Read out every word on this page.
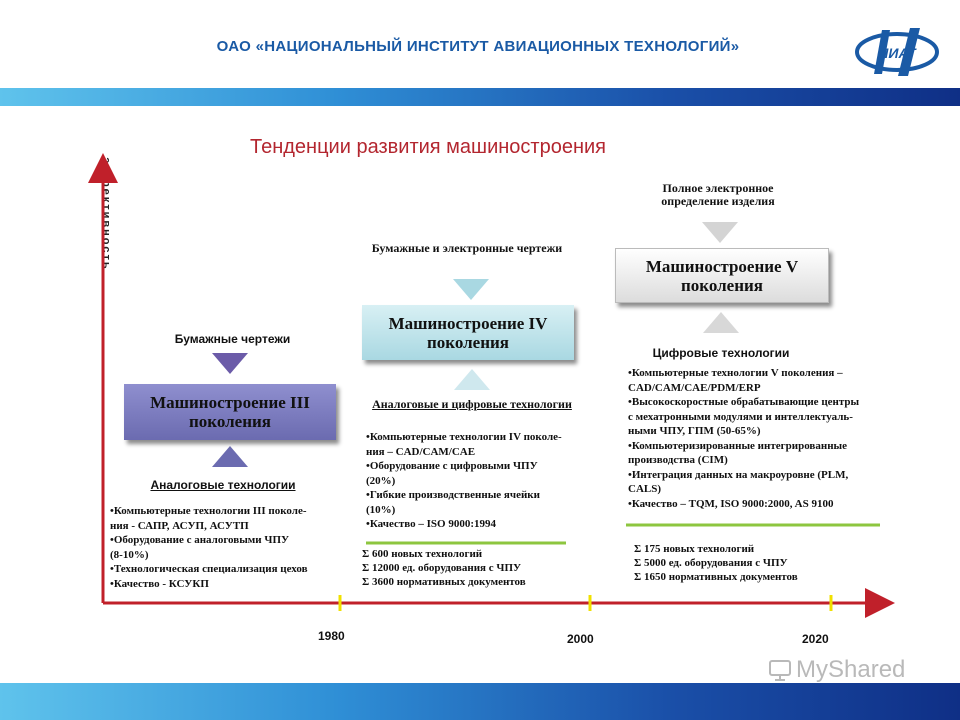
ОАО «НАЦИОНАЛЬНЫЙ ИНСТИТУТ АВИАЦИОННЫХ ТЕХНОЛОГИЙ»	НИАТ
Тенденции развития машиностроения
эффективность
1980	2000	2020
Бумажные чертежи
Машиностроение III поколения
Аналоговые технологии
•Компьютерные технологии III поколе-
ния - САПР, АСУП, АСУТП
•Оборудование с аналоговыми ЧПУ
(8-10%)
•Технологическая специализация цехов
•Качество - КСУКП
Бумажные и электронные чертежи
Машиностроение IV поколения
Аналоговые и цифровые технологии
•Компьютерные технологии IV поколе-
ния – CAD/CAM/CAE
•Оборудование с цифровыми ЧПУ
(20%)
•Гибкие производственные ячейки
(10%)
•Качество – ISO 9000:1994
Σ 600 новых технологий
Σ 12000 ед. оборудования с ЧПУ
Σ 3600 нормативных документов
Полное электронное определение изделия
Машиностроение V поколения
Цифровые технологии
•Компьютерные технологии V поколения –
CAD/CAM/CAE/PDM/ERP
•Высокоскоростные обрабатывающие центры
с мехатронными модулями и интеллектуаль-
ными ЧПУ, ГПМ (50-65%)
•Компьютеризированные интегрированные
производства (CIM)
•Интеграция данных на макроуровне (PLM,
CALS)
•Качество – TQM, ISO 9000:2000, AS 9100
Σ 175 новых технологий
Σ 5000 ед. оборудования с ЧПУ
Σ 1650 нормативных документов
MyShared
